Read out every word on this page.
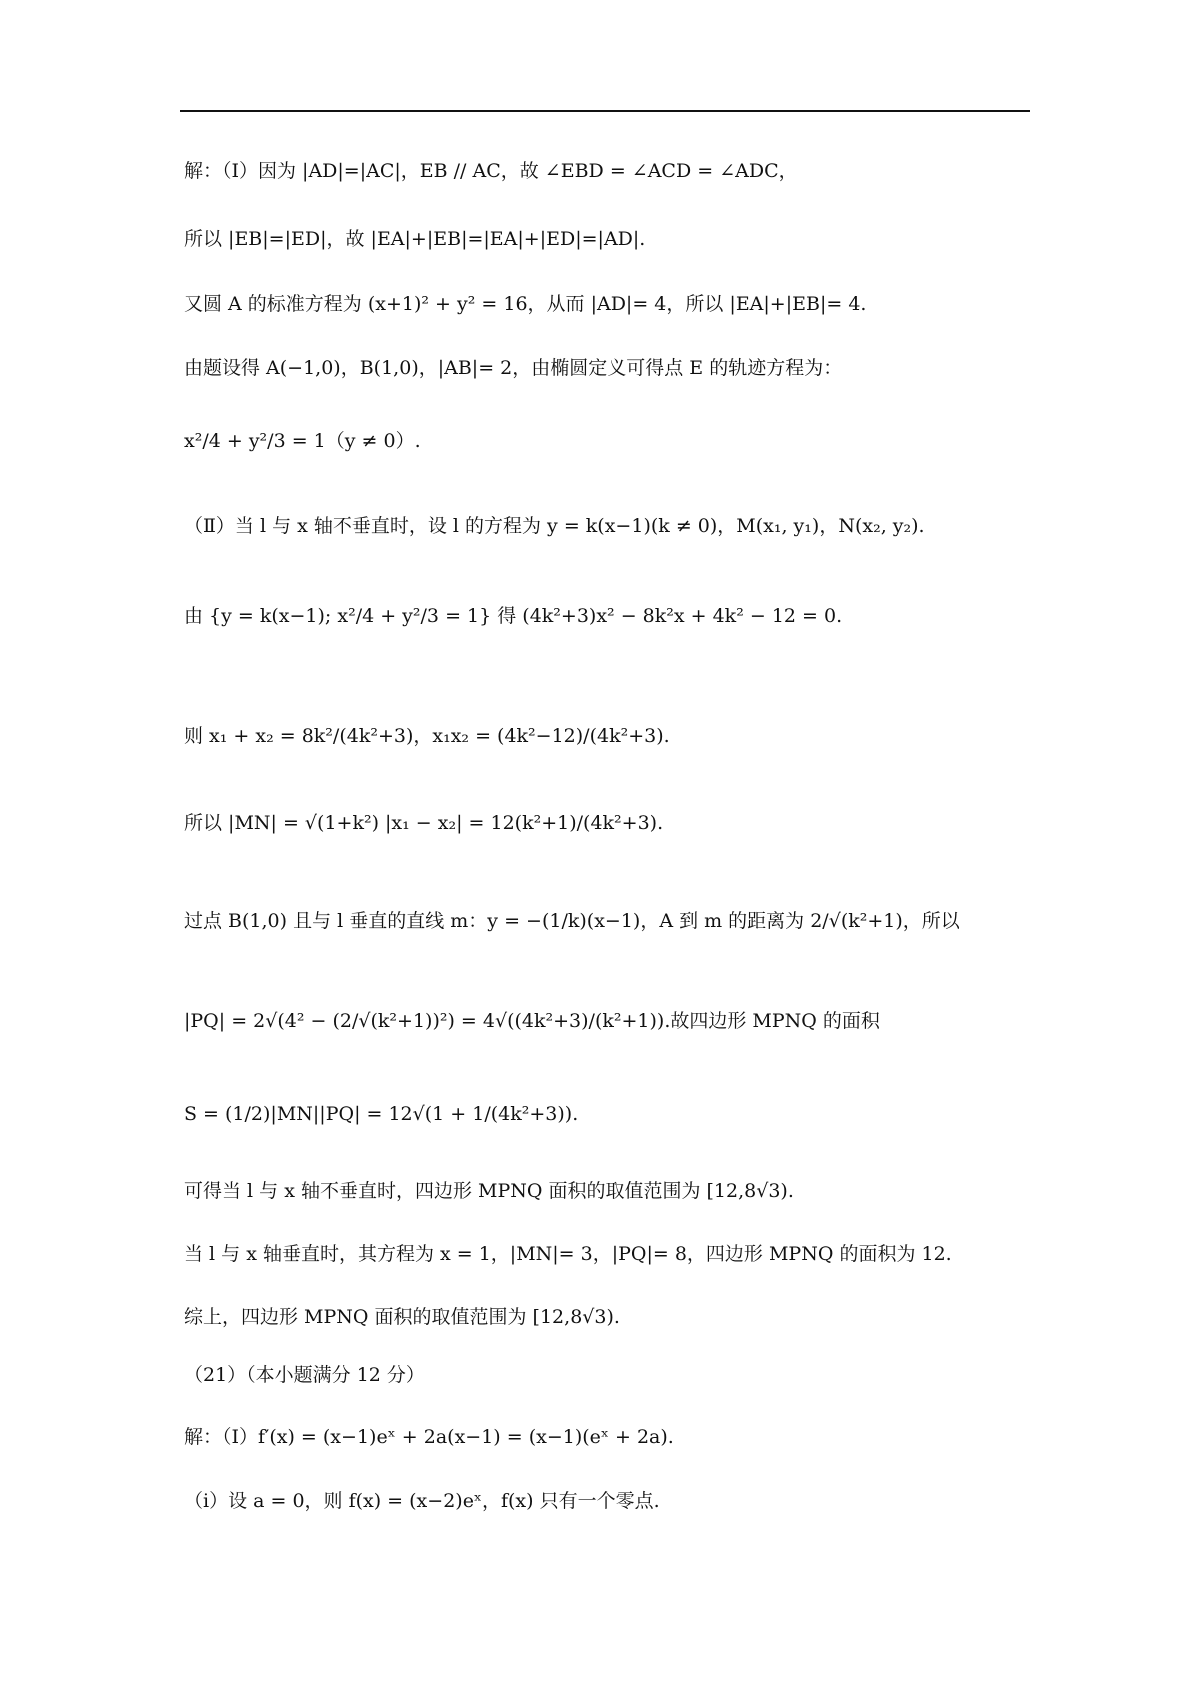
解：（Ⅰ）因为 |AD|=|AC|，EB // AC，故 ∠EBD = ∠ACD = ∠ADC，
所以 |EB|=|ED|，故 |EA|+|EB|=|EA|+|ED|=|AD|.
又圆 A 的标准方程为 (x+1)² + y² = 16，从而 |AD|= 4，所以 |EA|+|EB|= 4.
由题设得 A(−1,0)，B(1,0)，|AB|= 2，由椭圆定义可得点 E 的轨迹方程为：
x²/4 + y²/3 = 1（y ≠ 0）.
（Ⅱ）当 l 与 x 轴不垂直时，设 l 的方程为 y = k(x−1)(k ≠ 0)，M(x₁, y₁)，N(x₂, y₂).
由 {y = k(x−1); x²/4 + y²/3 = 1} 得 (4k²+3)x² − 8k²x + 4k² − 12 = 0.
则 x₁ + x₂ = 8k²/(4k²+3)，x₁x₂ = (4k²−12)/(4k²+3).
所以 |MN| = √(1+k²) |x₁ − x₂| = 12(k²+1)/(4k²+3).
过点 B(1,0) 且与 l 垂直的直线 m：y = −(1/k)(x−1)，A 到 m 的距离为 2/√(k²+1)，所以
|PQ| = 2√(4² − (2/√(k²+1))²) = 4√((4k²+3)/(k²+1)).故四边形 MPNQ 的面积
S = (1/2)|MN||PQ| = 12√(1 + 1/(4k²+3)).
可得当 l 与 x 轴不垂直时，四边形 MPNQ 面积的取值范围为 [12,8√3).
当 l 与 x 轴垂直时，其方程为 x = 1，|MN|= 3，|PQ|= 8，四边形 MPNQ 的面积为 12.
综上，四边形 MPNQ 面积的取值范围为 [12,8√3).
（21）（本小题满分 12 分）
解：（Ⅰ）f′(x) = (x−1)eˣ + 2a(x−1) = (x−1)(eˣ + 2a).
（i）设 a = 0，则 f(x) = (x−2)eˣ，f(x) 只有一个零点.
